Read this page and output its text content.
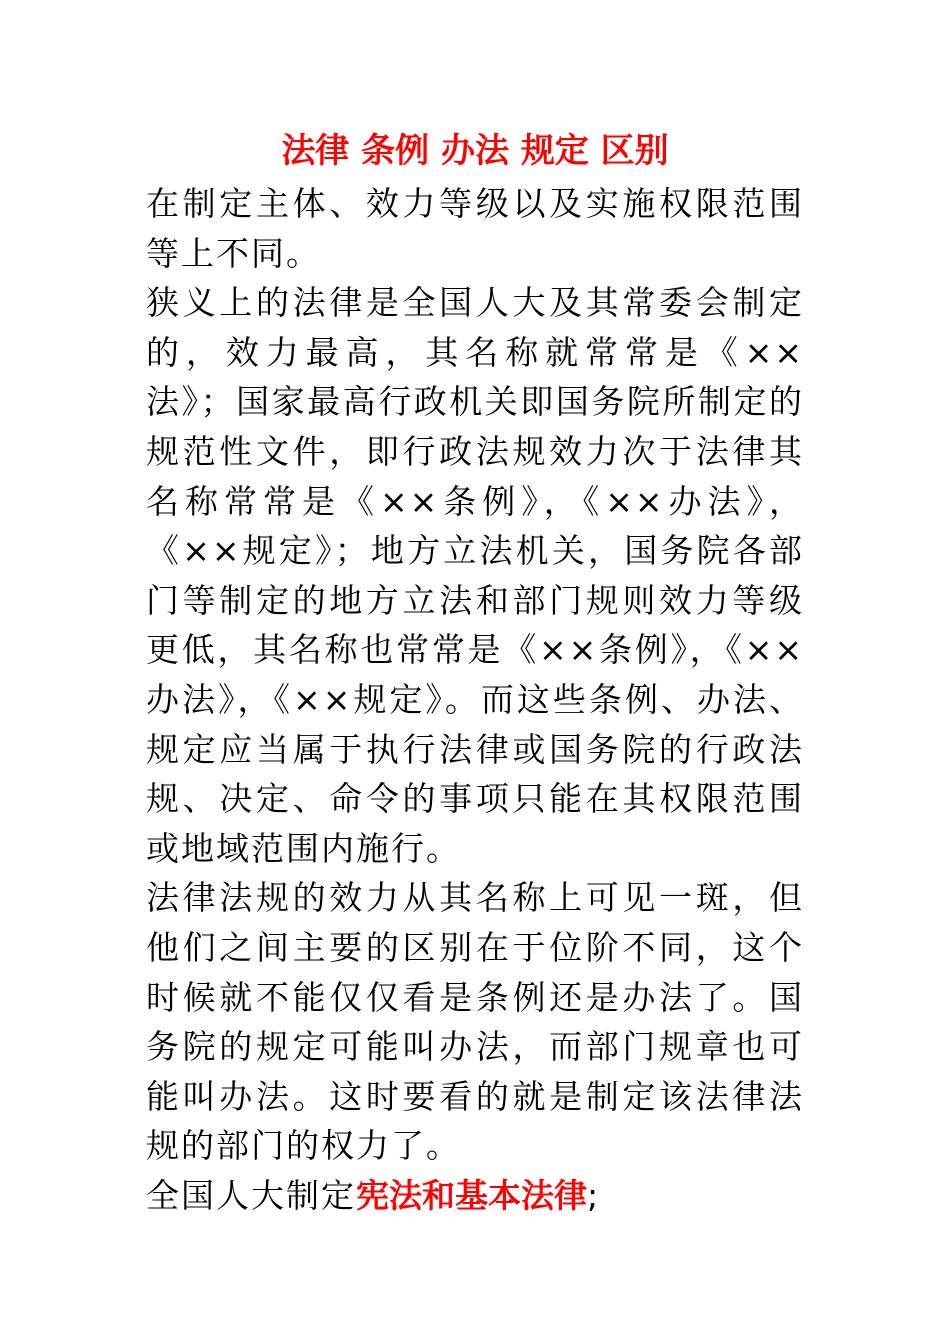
法律 条例 办法 规定 区别

在制定主体、效力等级以及实施权限范围等上不同。

狭义上的法律是全国人大及其常委会制定的，效力最高，其名称就常常是《××法》；国家最高行政机关即国务院所制定的规范性文件，即行政法规效力次于法律其名称常常是《××条例》，《××办法》，《××规定》；地方立法机关，国务院各部门等制定的地方立法和部门规则效力等级更低，其名称也常常是《××条例》，《××办法》，《××规定》。而这些条例、办法、规定应当属于执行法律或国务院的行政法规、决定、命令的事项只能在其权限范围或地域范围内施行。

法律法规的效力从其名称上可见一斑，但他们之间主要的区别在于位阶不同，这个时候就不能仅仅看是条例还是办法了。国务院的规定可能叫办法，而部门规章也可能叫办法。这时要看的就是制定该法律法规的部门的权力了。

全国人大制定宪法和基本法律;
